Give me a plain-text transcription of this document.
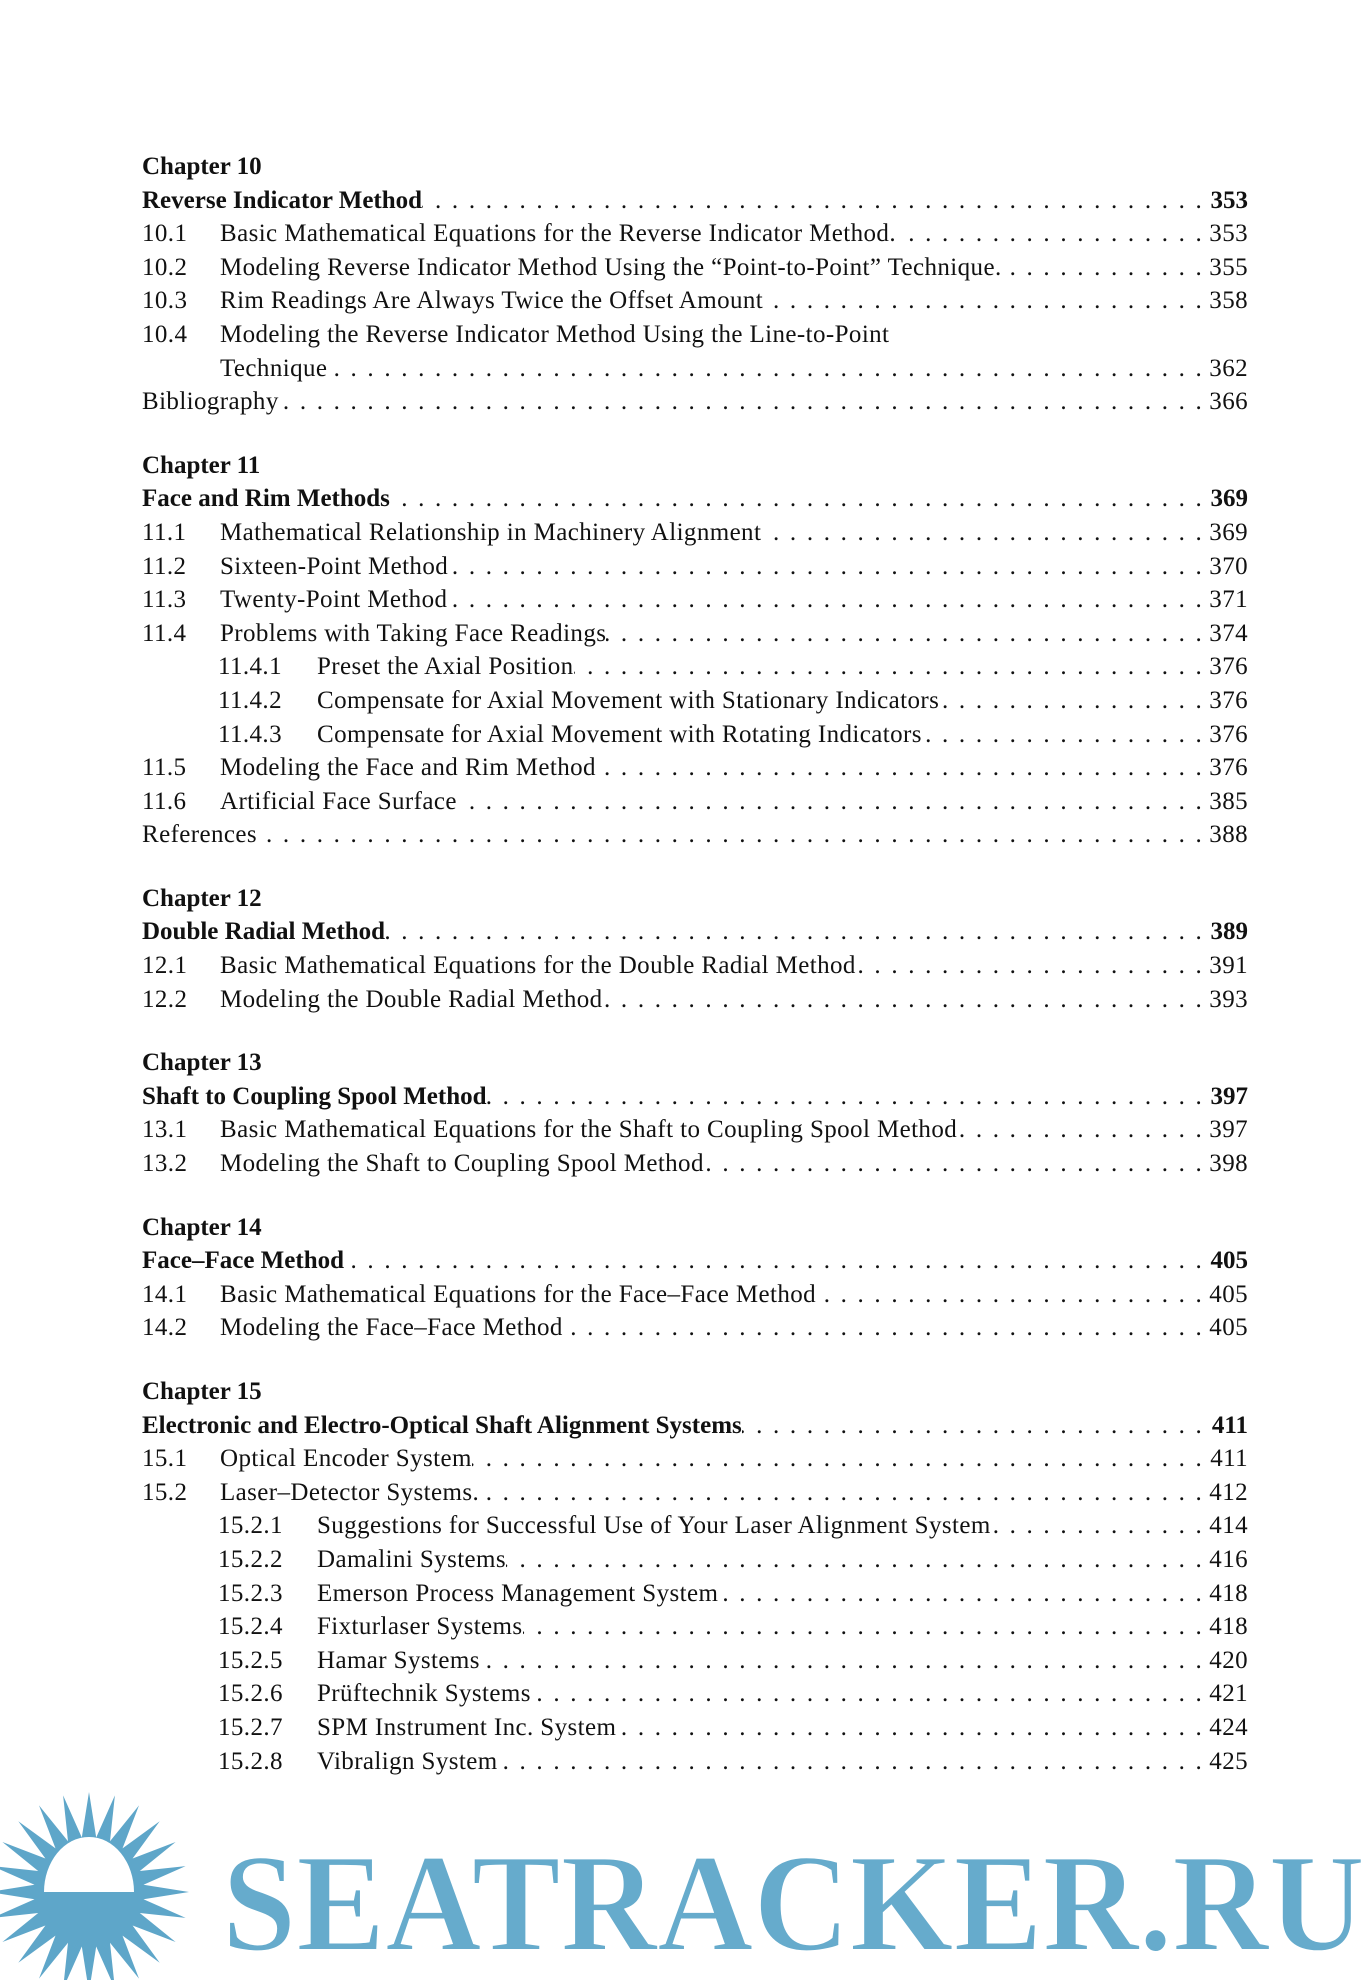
Chapter 10
Reverse Indicator Method . . .	353
10.1	Basic Mathematical Equations for the Reverse Indicator Method. . . .	353
10.2	Modeling Reverse Indicator Method Using the “Point-to-Point” Technique. . . .	355
10.3	Rim Readings Are Always Twice the Offset Amount . . .	358
10.4	Modeling the Reverse Indicator Method Using the Line-to-Point
Technique . . .	362
Bibliography . . .	366
Chapter 11
Face and Rim Methods . . .	369
11.1	Mathematical Relationship in Machinery Alignment . . .	369
11.2	Sixteen-Point Method . . .	370
11.3	Twenty-Point Method . . .	371
11.4	Problems with Taking Face Readings . . .	374
11.4.1	Preset the Axial Position . . .	376
11.4.2	Compensate for Axial Movement with Stationary Indicators . . .	376
11.4.3	Compensate for Axial Movement with Rotating Indicators . . .	376
11.5	Modeling the Face and Rim Method . . .	376
11.6	Artificial Face Surface . . .	385
References . . .	388
Chapter 12
Double Radial Method . . .	389
12.1	Basic Mathematical Equations for the Double Radial Method . . .	391
12.2	Modeling the Double Radial Method . . .	393
Chapter 13
Shaft to Coupling Spool Method . . .	397
13.1	Basic Mathematical Equations for the Shaft to Coupling Spool Method . . .	397
13.2	Modeling the Shaft to Coupling Spool Method . . .	398
Chapter 14
Face–Face Method . . .	405
14.1	Basic Mathematical Equations for the Face–Face Method . . .	405
14.2	Modeling the Face–Face Method . . .	405
Chapter 15
Electronic and Electro-Optical Shaft Alignment Systems . . .	411
15.1	Optical Encoder System . . .	411
15.2	Laser–Detector Systems. . . .	412
15.2.1	Suggestions for Successful Use of Your Laser Alignment System . . .	414
15.2.2	Damalini Systems . . .	416
15.2.3	Emerson Process Management System . . .	418
15.2.4	Fixturlaser Systems . . .	418
15.2.5	Hamar Systems . . .	420
15.2.6	Prüftechnik Systems . . .	421
15.2.7	SPM Instrument Inc. System . . .	424
15.2.8	Vibralign System . . .	425
SEATRACKER.RU
